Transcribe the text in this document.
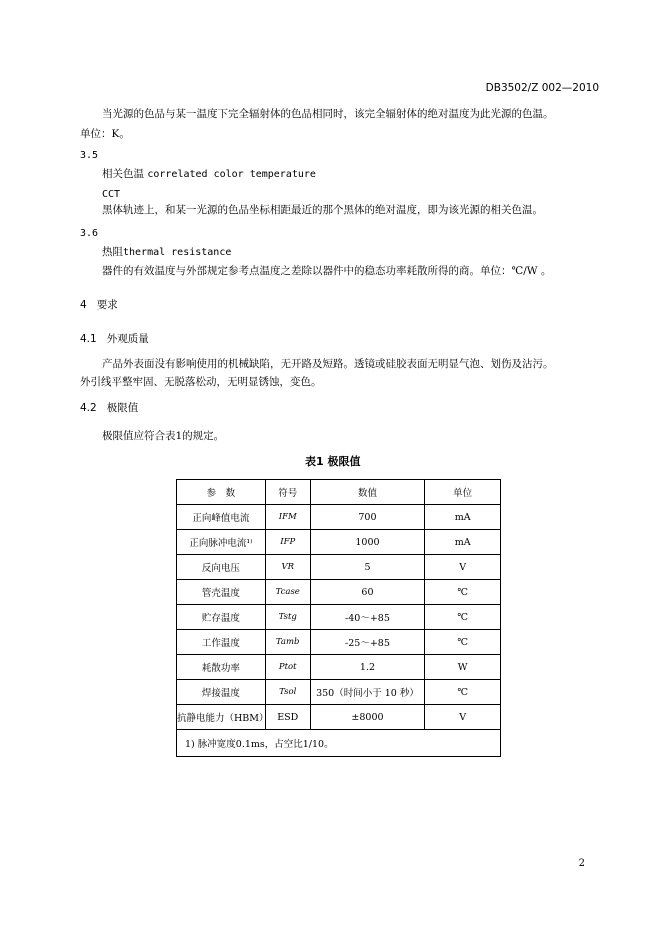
DB3502/Z 002—2010
当光源的色品与某一温度下完全辐射体的色品相同时，该完全辐射体的绝对温度为此光源的色温。
单位：K。
3.5
相关色温 correlated color temperature
CCT
黑体轨迹上，和某一光源的色品坐标相距最近的那个黑体的绝对温度，即为该光源的相关色温。
3.6
热阻thermal resistance
器件的有效温度与外部规定参考点温度之差除以器件中的稳态功率耗散所得的商。单位：℃/W 。
4 要求
4.1 外观质量
产品外表面没有影响使用的机械缺陷，无开路及短路。透镜或硅胶表面无明显气泡、划伤及沾污。
外引线平整牢固、无脱落松动，无明显锈蚀，变色。
4.2 极限值
极限值应符合表1的规定。
表1 极限值
参　数	符号	数值	单位
正向峰值电流	IFM	700	mA
正向脉冲电流¹⁾	IFP	1000	mA
反向电压	VR	5	V
管壳温度	Tcase	60	℃
贮存温度	Tstg	-40～+85	℃
工作温度	Tamb	-25～+85	℃
耗散功率	Ptot	1.2	W
焊接温度	Tsol	350（时间小于 10 秒）	℃
抗静电能力（HBM）	ESD	±8000	V
1) 脉冲宽度0.1ms，占空比1/10。			
2
